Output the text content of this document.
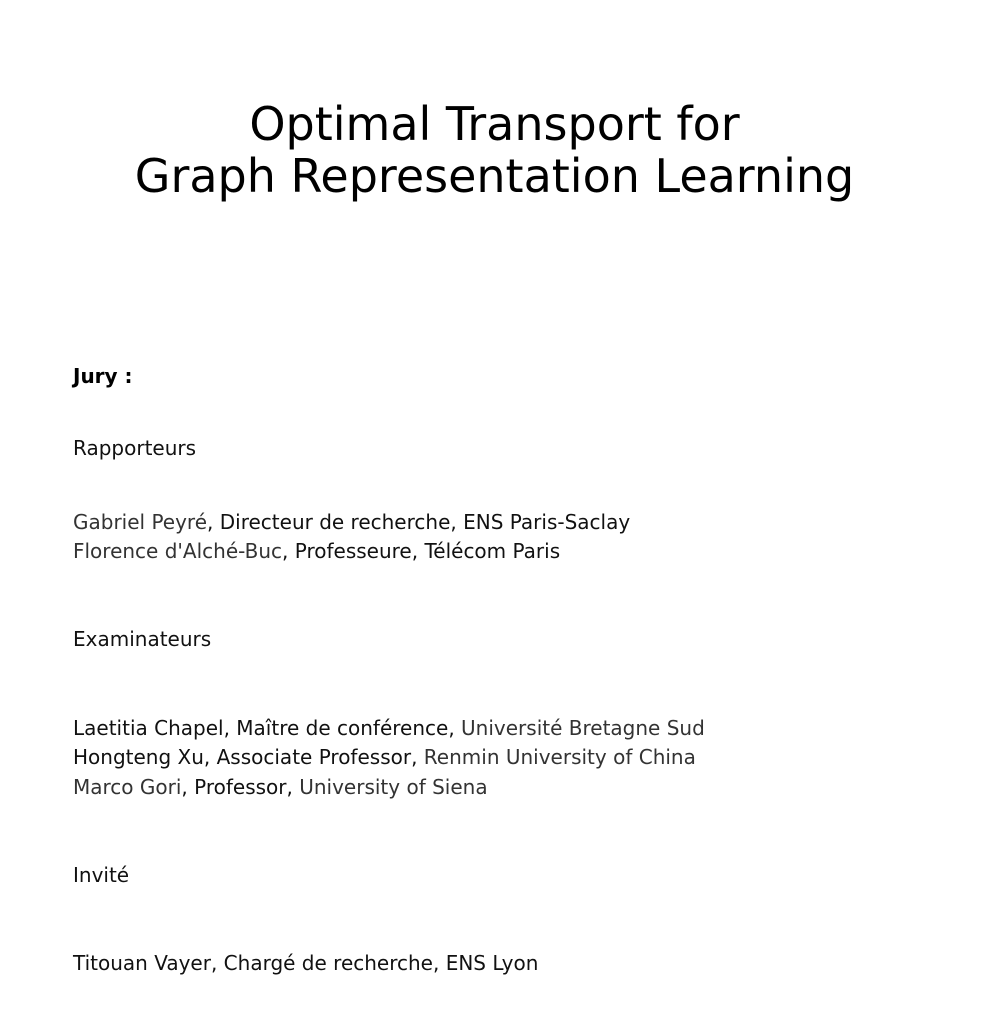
Optimal Transport for
Graph Representation Learning
Jury :
Rapporteurs
Gabriel Peyré, Directeur de recherche, ENS Paris-Saclay
Florence d'Alché-Buc, Professeure, Télécom Paris
Examinateurs
Laetitia Chapel, Maître de conférence, Université Bretagne Sud
Hongteng Xu, Associate Professor, Renmin University of China
Marco Gori, Professor, University of Siena
Invité
Titouan Vayer, Chargé de recherche, ENS Lyon
